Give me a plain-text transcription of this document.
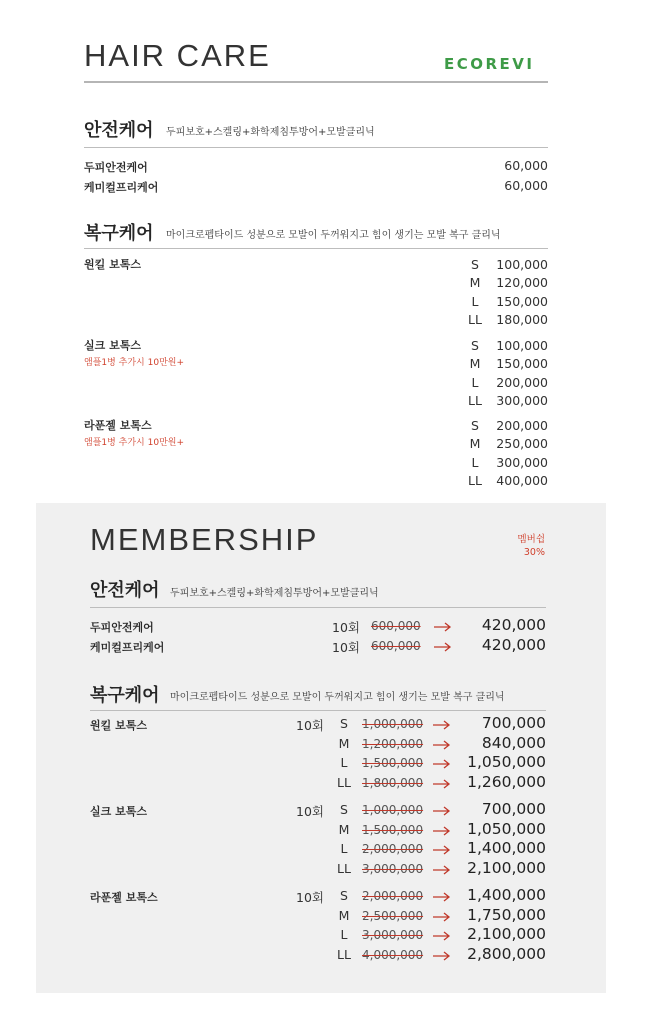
HAIR CARE	ECOREVI
안전케어 두피보호+스켈링+화학제침투방어+모발클리닉
두피안전케어	60,000
케미컬프리케어	60,000
복구케어 마이크로펩타이드 성분으로 모발이 두꺼워지고 힘이 생기는 모발 복구 클리닉
MEMBERSHIP	멤버쉽
30%
안전케어 두피보호+스켈링+화학제침투방어+모발클리닉
복구케어 마이크로펩타이드 성분으로 모발이 두꺼워지고 힘이 생기는 모발 복구 클리닉
원킬 보톡스	S	100,000
M	120,000
L	150,000
LL	180,000
실크 보톡스
앰플1병 추가시 10만원+
S	100,000
M	150,000
L	200,000
LL	300,000
라푼젤 보톡스
앰플1병 추가시 10만원+
S	200,000
M	250,000
L	300,000
LL	400,000
두피안전케어	10회 600,000	420,000
케미컬프리케어	10회 600,000	420,000
원킬 보톡스	10회	S	1,000,000	700,000
M	1,200,000	840,000
L	1,500,000	1,050,000
LL 1,800,000	1,260,000
실크 보톡스	10회	S	1,000,000	700,000
M	1,500,000	1,050,000
L	2,000,000	1,400,000
LL 3,000,000	2,100,000
라푼젤 보톡스	10회	S	2,000,000	1,400,000
M	2,500,000	1,750,000
L	3,000,000	2,100,000
LL 4,000,000	2,800,000
